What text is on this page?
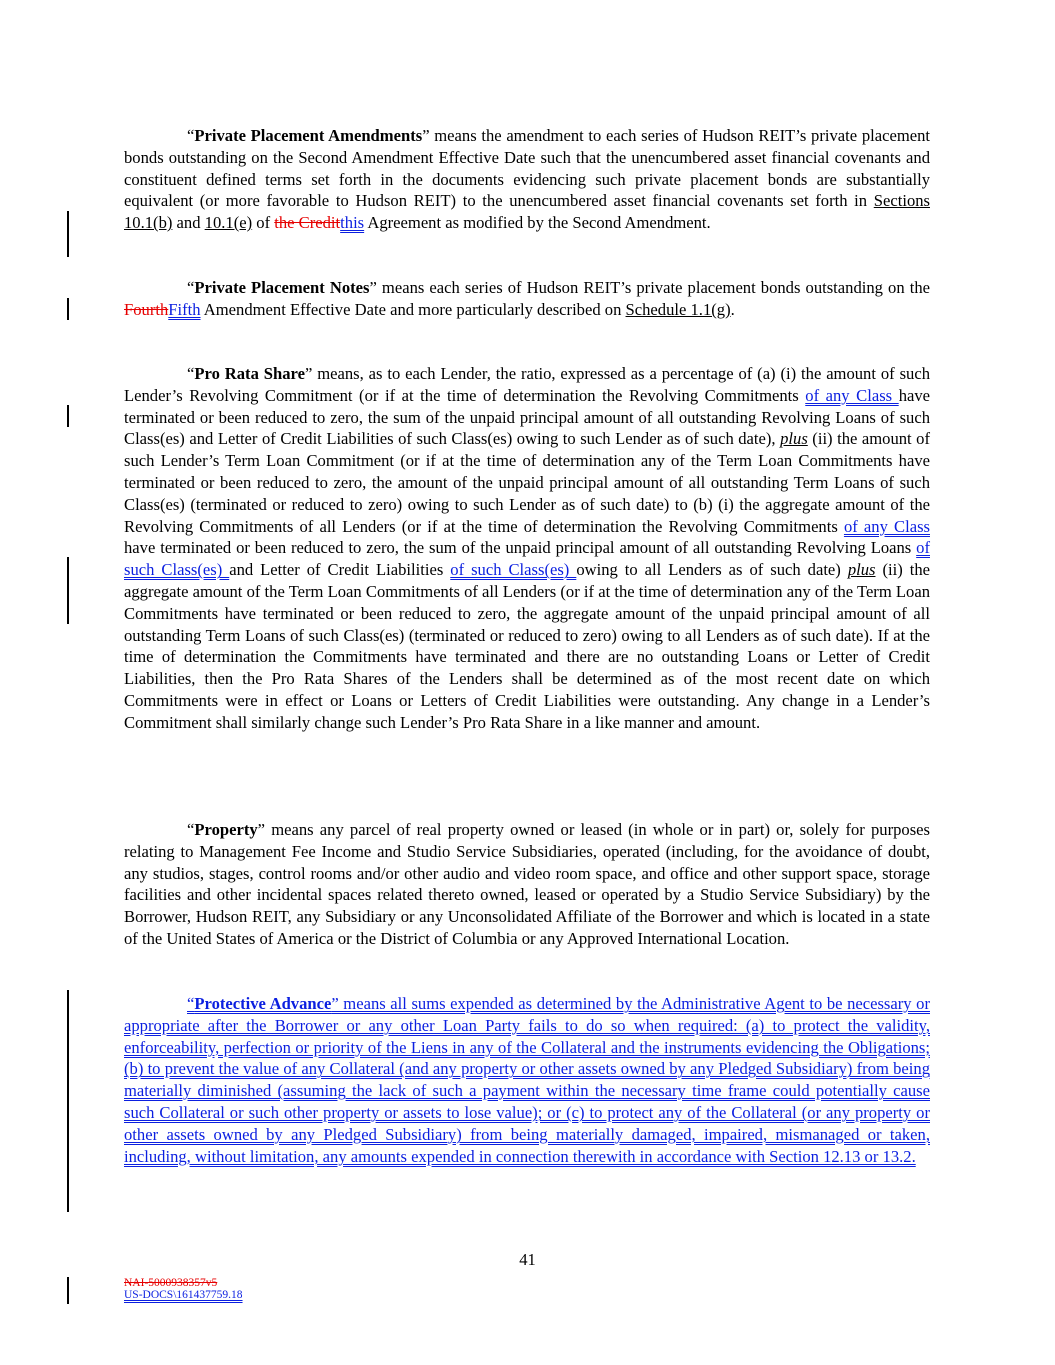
“Private Placement Amendments” means the amendment to each series of Hudson REIT’s private placement bonds outstanding on the Second Amendment Effective Date such that the unencumbered asset financial covenants and constituent defined terms set forth in the documents evidencing such private placement bonds are substantially equivalent (or more favorable to Hudson REIT) to the unencumbered asset financial covenants set forth in Sections 10.1(b) and 10.1(e) of the Creditthis Agreement as modified by the Second Amendment.

“Private Placement Notes” means each series of Hudson REIT’s private placement bonds outstanding on the FourthFifth Amendment Effective Date and more particularly described on Schedule 1.1(g).

“Pro Rata Share” means, as to each Lender, the ratio, expressed as a percentage of (a) (i) the amount of such Lender’s Revolving Commitment (or if at the time of determination the Revolving Commitments of any Class have terminated or been reduced to zero, the sum of the unpaid principal amount of all outstanding Revolving Loans of such Class(es) and Letter of Credit Liabilities of such Class(es) owing to such Lender as of such date), plus (ii) the amount of such Lender’s Term Loan Commitment (or if at the time of determination any of the Term Loan Commitments have terminated or been reduced to zero, the amount of the unpaid principal amount of all outstanding Term Loans of such Class(es) (terminated or reduced to zero) owing to such Lender as of such date) to (b) (i) the aggregate amount of the Revolving Commitments of all Lenders (or if at the time of determination the Revolving Commitments of any Class have terminated or been reduced to zero, the sum of the unpaid principal amount of all outstanding Revolving Loans of such Class(es) and Letter of Credit Liabilities of such Class(es) owing to all Lenders as of such date) plus (ii) the aggregate amount of the Term Loan Commitments of all Lenders (or if at the time of determination any of the Term Loan Commitments have terminated or been reduced to zero, the aggregate amount of the unpaid principal amount of all outstanding Term Loans of such Class(es) (terminated or reduced to zero) owing to all Lenders as of such date). If at the time of determination the Commitments have terminated and there are no outstanding Loans or Letter of Credit Liabilities, then the Pro Rata Shares of the Lenders shall be determined as of the most recent date on which Commitments were in effect or Loans or Letters of Credit Liabilities were outstanding. Any change in a Lender’s Commitment shall similarly change such Lender’s Pro Rata Share in a like manner and amount.

“Property” means any parcel of real property owned or leased (in whole or in part) or, solely for purposes relating to Management Fee Income and Studio Service Subsidiaries, operated (including, for the avoidance of doubt, any studios, stages, control rooms and/or other audio and video room space, and office and other support space, storage facilities and other incidental spaces related thereto owned, leased or operated by a Studio Service Subsidiary) by the Borrower, Hudson REIT, any Subsidiary or any Unconsolidated Affiliate of the Borrower and which is located in a state of the United States of America or the District of Columbia or any Approved International Location.

“Protective Advance” means all sums expended as determined by the Administrative Agent to be necessary or appropriate after the Borrower or any other Loan Party fails to do so when required: (a) to protect the validity, enforceability, perfection or priority of the Liens in any of the Collateral and the instruments evidencing the Obligations; (b) to prevent the value of any Collateral (and any property or other assets owned by any Pledged Subsidiary) from being materially diminished (assuming the lack of such a payment within the necessary time frame could potentially cause such Collateral or such other property or assets to lose value); or (c) to protect any of the Collateral (or any property or other assets owned by any Pledged Subsidiary) from being materially damaged, impaired, mismanaged or taken, including, without limitation, any amounts expended in connection therewith in accordance with Section 12.13 or 13.2.

41
NAI-5000938357v5
US-DOCS\161437759.18
